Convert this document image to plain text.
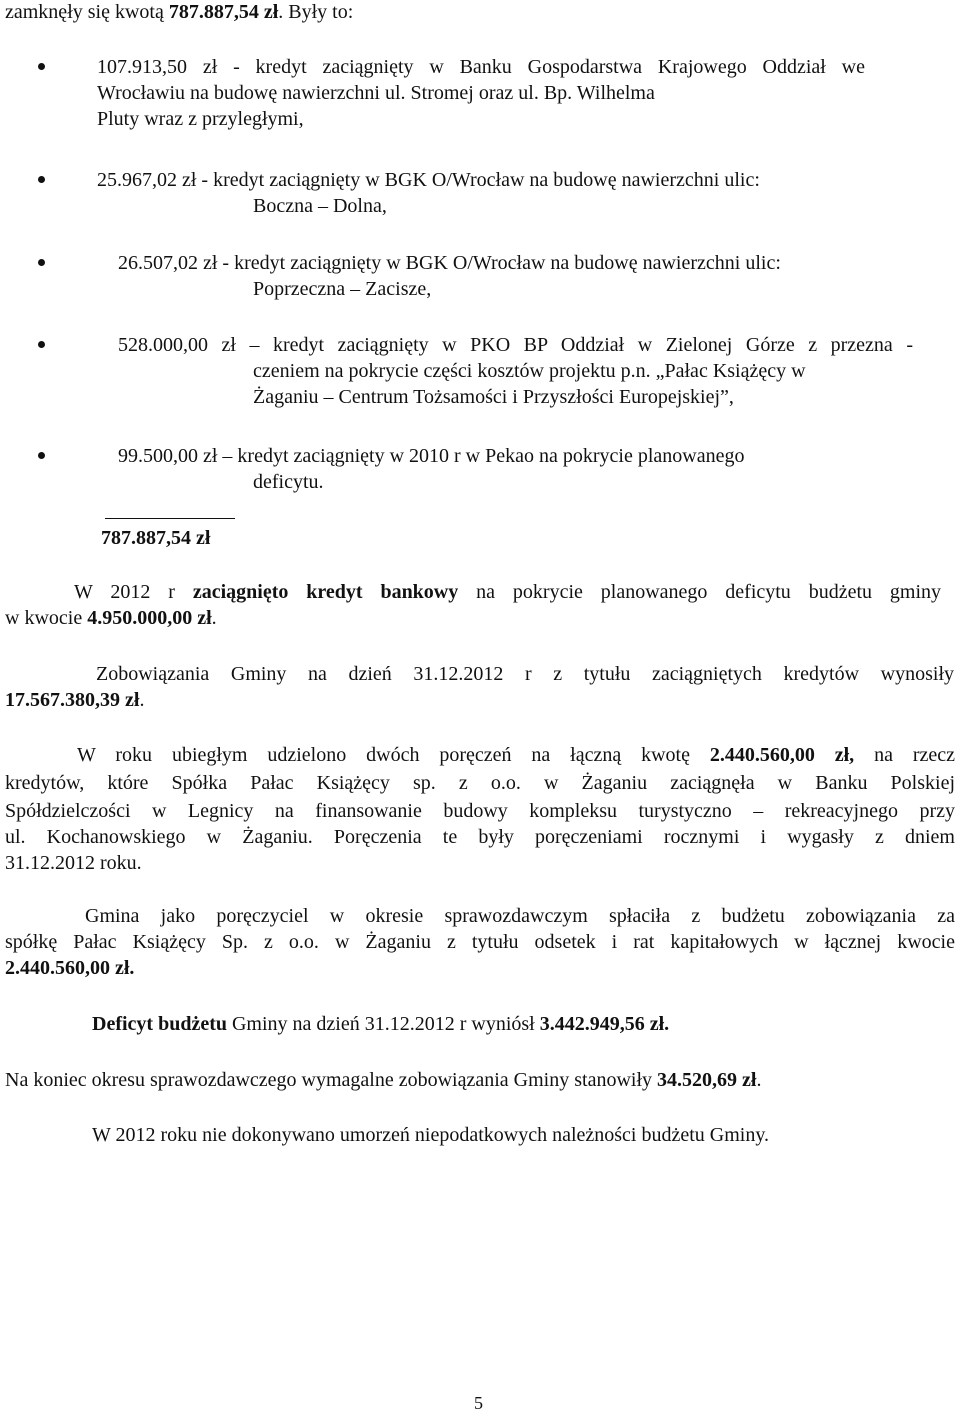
zamknęły się kwotą 787.887,54 zł. Były to:
107.913,50 zł - kredyt zaciągnięty w Banku Gospodarstwa Krajowego Oddział we
Wrocławiu na budowę nawierzchni ul. Stromej oraz ul. Bp. Wilhelma
Pluty wraz z przyległymi,
25.967,02 zł - kredyt zaciągnięty w BGK O/Wrocław na budowę nawierzchni ulic:
Boczna – Dolna,
26.507,02 zł - kredyt zaciągnięty w BGK O/Wrocław na budowę nawierzchni ulic:
Poprzeczna – Zacisze,
528.000,00 zł – kredyt zaciągnięty w PKO BP Oddział w Zielonej Górze z przezna -
czeniem na pokrycie części kosztów projektu p.n. „Pałac Książęcy w
Żaganiu – Centrum Tożsamości i Przyszłości Europejskiej”,
99.500,00 zł – kredyt zaciągnięty w 2010 r w Pekao na pokrycie planowanego
deficytu.
787.887,54 zł
W 2012 r zaciągnięto kredyt bankowy na pokrycie planowanego deficytu budżetu gminy
w kwocie 4.950.000,00 zł.
Zobowiązania Gminy na dzień 31.12.2012 r z tytułu zaciągniętych kredytów wynosiły
17.567.380,39 zł.
W roku ubiegłym udzielono dwóch poręczeń na łączną kwotę 2.440.560,00 zł, na rzecz
kredytów, które Spółka Pałac Książęcy sp. z o.o. w Żaganiu zaciągnęła w Banku Polskiej
Spółdzielczości w Legnicy na finansowanie budowy kompleksu turystyczno – rekreacyjnego przy
ul. Kochanowskiego w Żaganiu. Poręczenia te były poręczeniami rocznymi i wygasły z dniem
31.12.2012 roku.
Gmina jako poręczyciel w okresie sprawozdawczym spłaciła z budżetu zobowiązania za
spółkę Pałac Książęcy Sp. z o.o. w Żaganiu z tytułu odsetek i rat kapitałowych w łącznej kwocie
2.440.560,00 zł.
Deficyt budżetu Gminy na dzień 31.12.2012 r wyniósł 3.442.949,56 zł.
Na koniec okresu sprawozdawczego wymagalne zobowiązania Gminy stanowiły 34.520,69 zł.
W 2012 roku nie dokonywano umorzeń niepodatkowych należności budżetu Gminy.
5
